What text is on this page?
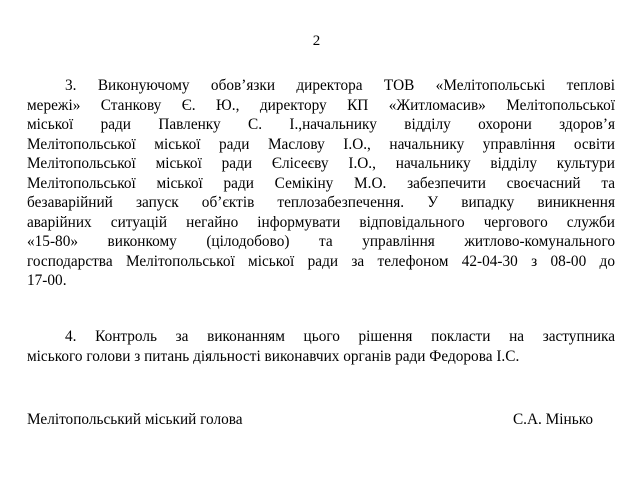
2
3. Виконуючому обов’язки директора ТОВ «Мелітопольські теплові
мережі» Станкову Є. Ю., директору КП «Житломасив» Мелітопольської
міської ради Павленку С. І.,начальнику відділу охорони здоров’я
Мелітопольської міської ради Маслову І.О., начальнику управління освіти
Мелітопольської міської ради Єлісеєву І.О., начальнику відділу культури
Мелітопольської міської ради Семікіну М.О. забезпечити своєчасний та
безаварійний запуск об’єктів теплозабезпечення. У випадку виникнення
аварійних ситуацій негайно інформувати відповідального чергового служби
«15-80» виконкому (цілодобово) та управління житлово-комунального
господарства Мелітопольської міської ради за телефоном 42-04-30 з 08-00 до
17-00.
4. Контроль за виконанням цього рішення покласти на заступника
міського голови з питань діяльності виконавчих органів ради Федорова І.С.
Мелітопольський міський голова	С.А. Мінько
